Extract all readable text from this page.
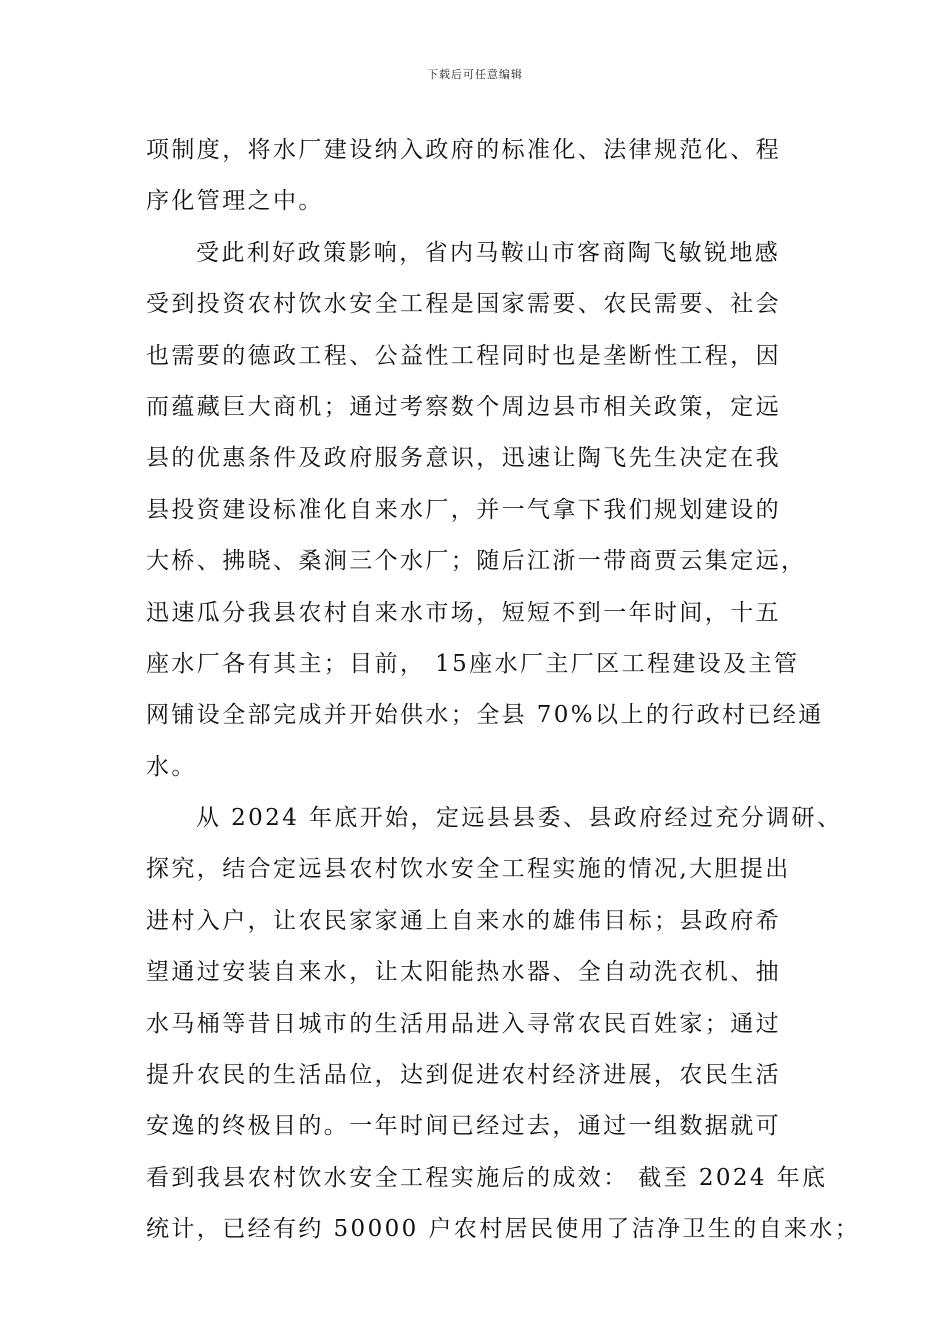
下载后可任意编辑
项制度，将水厂建设纳入政府的标准化、法律规范化、程
序化管理之中。
受此利好政策影响，省内马鞍山市客商陶飞敏锐地感
受到投资农村饮水安全工程是国家需要、农民需要、社会
也需要的德政工程、公益性工程同时也是垄断性工程，因
而蕴藏巨大商机；通过考察数个周边县市相关政策，定远
县的优惠条件及政府服务意识，迅速让陶飞先生决定在我
县投资建设标准化自来水厂，并一气拿下我们规划建设的
大桥、拂晓、桑涧三个水厂；随后江浙一带商贾云集定远，
迅速瓜分我县农村自来水市场，短短不到一年时间，十五
座水厂各有其主；目前， 15座水厂主厂区工程建设及主管
网铺设全部完成并开始供水；全县 70%以上的行政村已经通
水。
从 2024 年底开始，定远县县委、县政府经过充分调研、
探究，结合定远县农村饮水安全工程实施的情况,大胆提出
进村入户，让农民家家通上自来水的雄伟目标；县政府希
望通过安装自来水，让太阳能热水器、全自动洗衣机、抽
水马桶等昔日城市的生活用品进入寻常农民百姓家；通过
提升农民的生活品位，达到促进农村经济进展，农民生活
安逸的终极目的。一年时间已经过去，通过一组数据就可
看到我县农村饮水安全工程实施后的成效： 截至 2024 年底
统计，已经有约 50000 户农村居民使用了洁净卫生的自来水；
